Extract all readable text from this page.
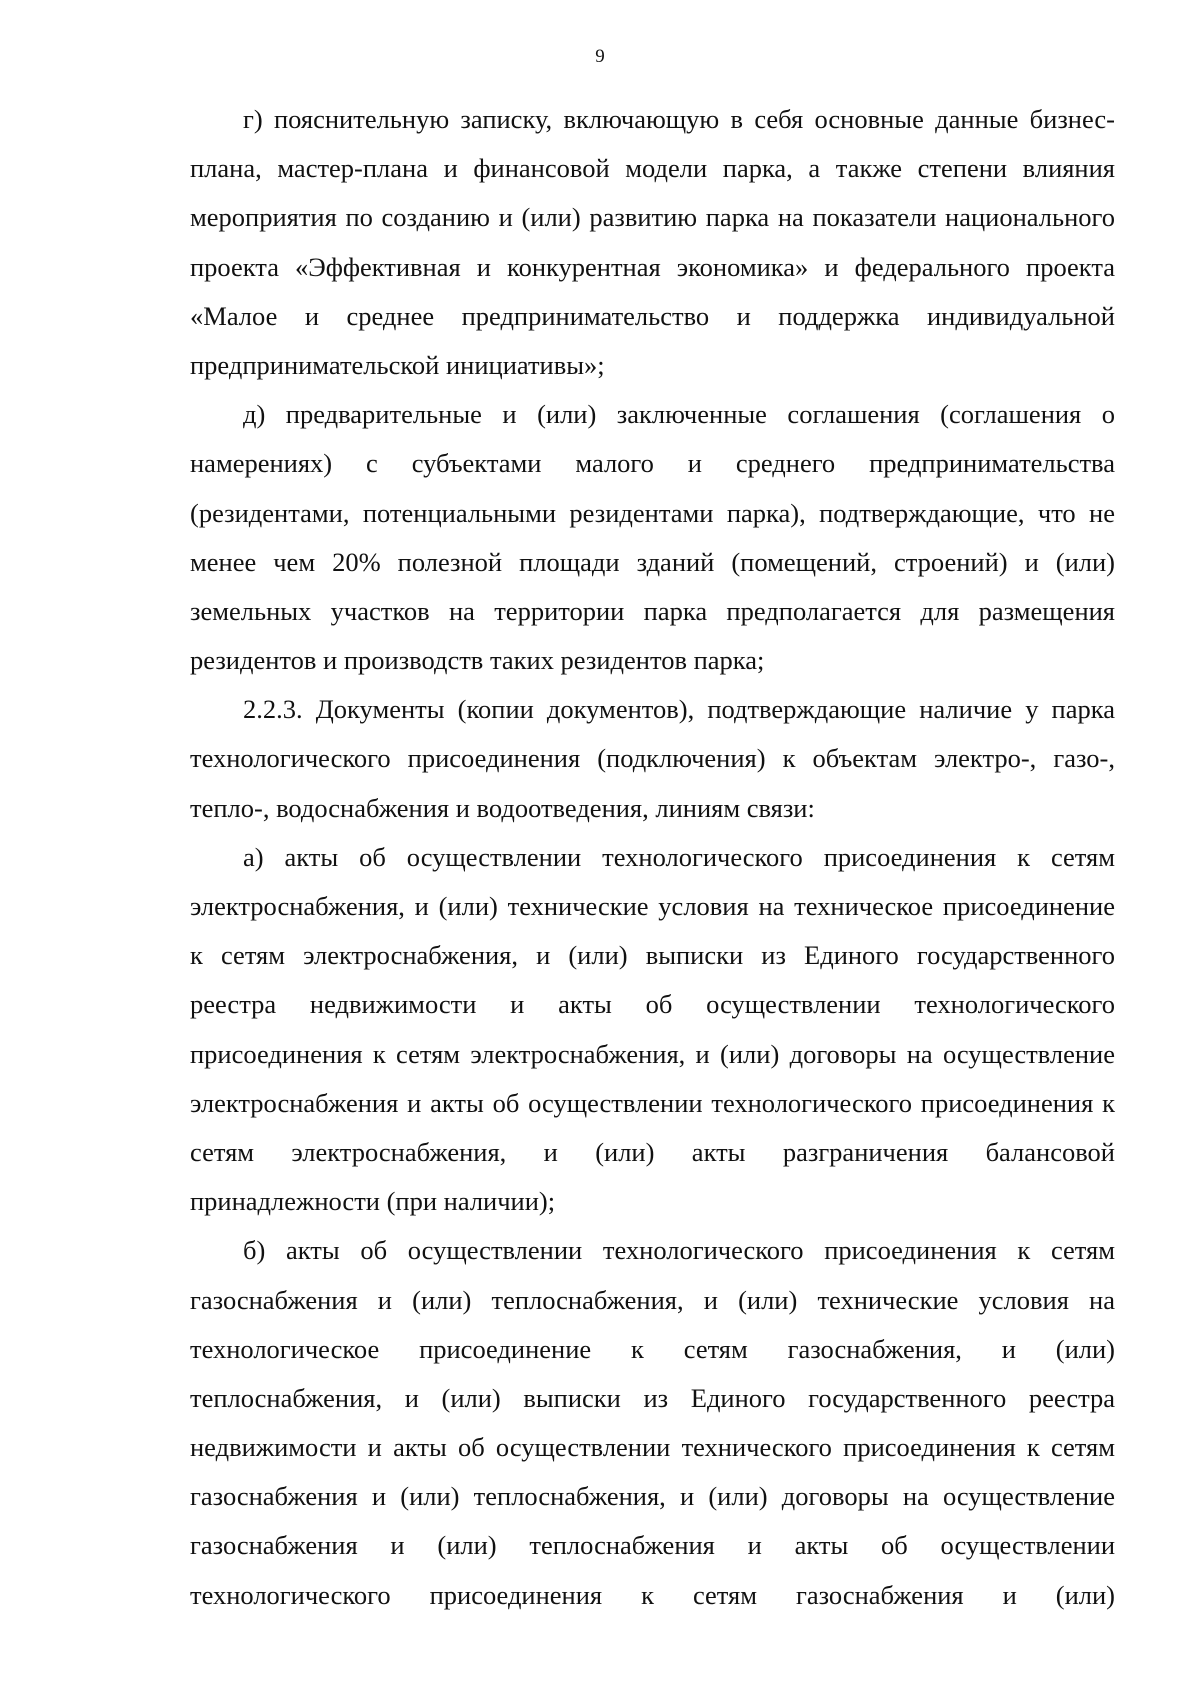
9
г) пояснительную записку, включающую в себя основные данные бизнес-
плана, мастер-плана и финансовой модели парка, а также степени влияния
мероприятия по созданию и (или) развитию парка на показатели национального
проекта «Эффективная и конкурентная экономика» и федерального проекта
«Малое и среднее предпринимательство и поддержка индивидуальной
предпринимательской инициативы»;
д) предварительные и (или) заключенные соглашения (соглашения о
намерениях) с субъектами малого и среднего предпринимательства
(резидентами, потенциальными резидентами парка), подтверждающие, что не
менее чем 20% полезной площади зданий (помещений, строений) и (или)
земельных участков на территории парка предполагается для размещения
резидентов и производств таких резидентов парка;
2.2.3. Документы (копии документов), подтверждающие наличие у парка
технологического присоединения (подключения) к объектам электро-, газо-,
тепло-, водоснабжения и водоотведения, линиям связи:
а) акты об осуществлении технологического присоединения к сетям
электроснабжения, и (или) технические условия на техническое присоединение
к сетям электроснабжения, и (или) выписки из Единого государственного
реестра недвижимости и акты об осуществлении технологического
присоединения к сетям электроснабжения, и (или) договоры на осуществление
электроснабжения и акты об осуществлении технологического присоединения к
сетям электроснабжения, и (или) акты разграничения балансовой
принадлежности (при наличии);
б) акты об осуществлении технологического присоединения к сетям
газоснабжения и (или) теплоснабжения, и (или) технические условия на
технологическое присоединение к сетям газоснабжения, и (или)
теплоснабжения, и (или) выписки из Единого государственного реестра
недвижимости и акты об осуществлении технического присоединения к сетям
газоснабжения и (или) теплоснабжения, и (или) договоры на осуществление
газоснабжения и (или) теплоснабжения и акты об осуществлении
технологического присоединения к сетям газоснабжения и (или)
